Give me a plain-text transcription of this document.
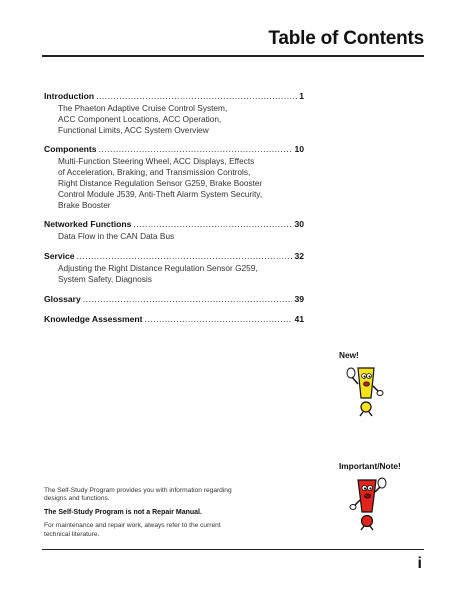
Table of Contents
Introduction .....	1
The Phaeton Adaptive Cruise Control System,
ACC Component Locations, ACC Operation,
Functional Limits, ACC System Overview
Components .....	10
Multi-Function Steering Wheel, ACC Displays, Effects
of Acceleration, Braking, and Transmission Controls,
Right Distance Regulation Sensor G259, Brake Booster
Control Module J539, Anti-Theft Alarm System Security,
Brake Booster
Networked Functions .....	30
Data Flow in the CAN Data Bus
Service .....	32
Adjusting the Right Distance Regulation Sensor G259,
System Safety, Diagnosis
Glossary .....	39
Knowledge Assessment .....	41
New!
Important/Note!

The Self-Study Program provides you with information regarding designs and functions.

The Self-Study Program is not a Repair Manual.

For maintenance and repair work, always refer to the current technical literature.

i
